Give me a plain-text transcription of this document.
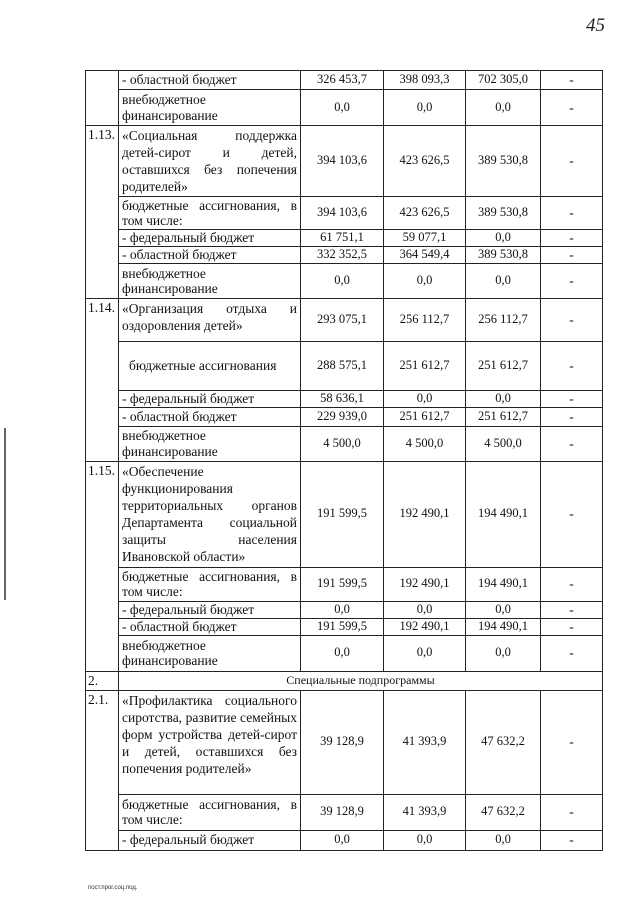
45
	- областной бюджет	326 453,7	398 093,3	702 305,0	-
	внебюджетное финансирование	0,0	0,0	0,0	-
1.13.	«Социальная поддержка детей-сирот и детей, оставшихся без попечения родителей»	394 103,6	423 626,5	389 530,8	-
	бюджетные ассигнования, в том числе:	394 103,6	423 626,5	389 530,8	-
	- федеральный бюджет	61 751,1	59 077,1	0,0	-
	- областной бюджет	332 352,5	364 549,4	389 530,8	-
	внебюджетное финансирование	0,0	0,0	0,0	-
1.14.	«Организация отдыха и оздоровления детей»	293 075,1	256 112,7	256 112,7	-
	бюджетные ассигнования	288 575,1	251 612,7	251 612,7	-
	- федеральный бюджет	58 636,1	0,0	0,0	-
	- областной бюджет	229 939,0	251 612,7	251 612,7	-
	внебюджетное финансирование	4 500,0	4 500,0	4 500,0	-
1.15.	«Обеспечение функционирования территориальных органов Департамента социальной защиты населения Ивановской области»	191 599,5	192 490,1	194 490,1	-
	бюджетные ассигнования, в том числе:	191 599,5	192 490,1	194 490,1	-
	- федеральный бюджет	0,0	0,0	0,0	-
	- областной бюджет	191 599,5	192 490,1	194 490,1	-
	внебюджетное финансирование	0,0	0,0	0,0	-
2.	Специальные подпрограммы				
2.1.	«Профилактика социального сиротства, развитие семейных форм устройства детей-сирот и детей, оставшихся без попечения родителей»	39 128,9	41 393,9	47 632,2	-
	бюджетные ассигнования, в том числе:	39 128,9	41 393,9	47 632,2	-
	- федеральный бюджет	0,0	0,0	0,0	-
пост.прог.соц.под.
